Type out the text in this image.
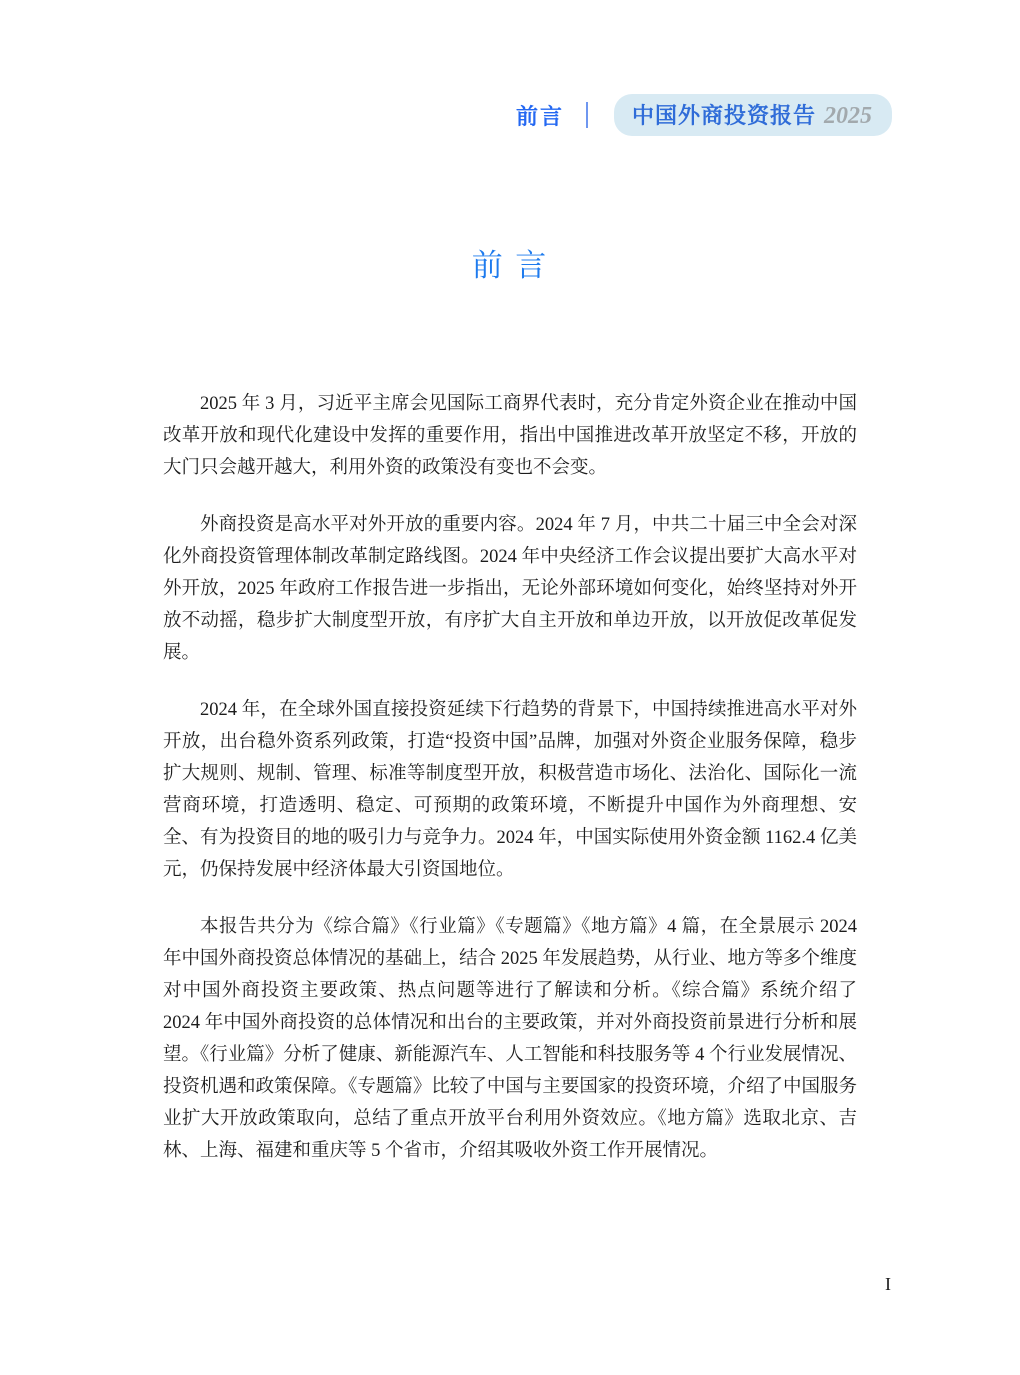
前言	中国外商投资报告 2025
前 言

2025 年 3 月，习近平主席会见国际工商界代表时，充分肯定外资企业在推动中国改革开放和现代化建设中发挥的重要作用，指出中国推进改革开放坚定不移，开放的大门只会越开越大，利用外资的政策没有变也不会变。

外商投资是高水平对外开放的重要内容。2024 年 7 月，中共二十届三中全会对深化外商投资管理体制改革制定路线图。2024 年中央经济工作会议提出要扩大高水平对外开放，2025 年政府工作报告进一步指出，无论外部环境如何变化，始终坚持对外开放不动摇，稳步扩大制度型开放，有序扩大自主开放和单边开放，以开放促改革促发展。

2024 年，在全球外国直接投资延续下行趋势的背景下，中国持续推进高水平对外开放，出台稳外资系列政策，打造“投资中国”品牌，加强对外资企业服务保障，稳步扩大规则、规制、管理、标准等制度型开放，积极营造市场化、法治化、国际化一流营商环境，打造透明、稳定、可预期的政策环境，不断提升中国作为外商理想、安全、有为投资目的地的吸引力与竞争力。2024 年，中国实际使用外资金额 1162.4 亿美元，仍保持发展中经济体最大引资国地位。

本报告共分为《综合篇》《行业篇》《专题篇》《地方篇》4 篇，在全景展示 2024 年中国外商投资总体情况的基础上，结合 2025 年发展趋势，从行业、地方等多个维度对中国外商投资主要政策、热点问题等进行了解读和分析。《综合篇》系统介绍了 2024 年中国外商投资的总体情况和出台的主要政策，并对外商投资前景进行分析和展望。《行业篇》分析了健康、新能源汽车、人工智能和科技服务等 4 个行业发展情况、投资机遇和政策保障。《专题篇》比较了中国与主要国家的投资环境，介绍了中国服务业扩大开放政策取向，总结了重点开放平台利用外资效应。《地方篇》选取北京、吉林、上海、福建和重庆等 5 个省市，介绍其吸收外资工作开展情况。

I
